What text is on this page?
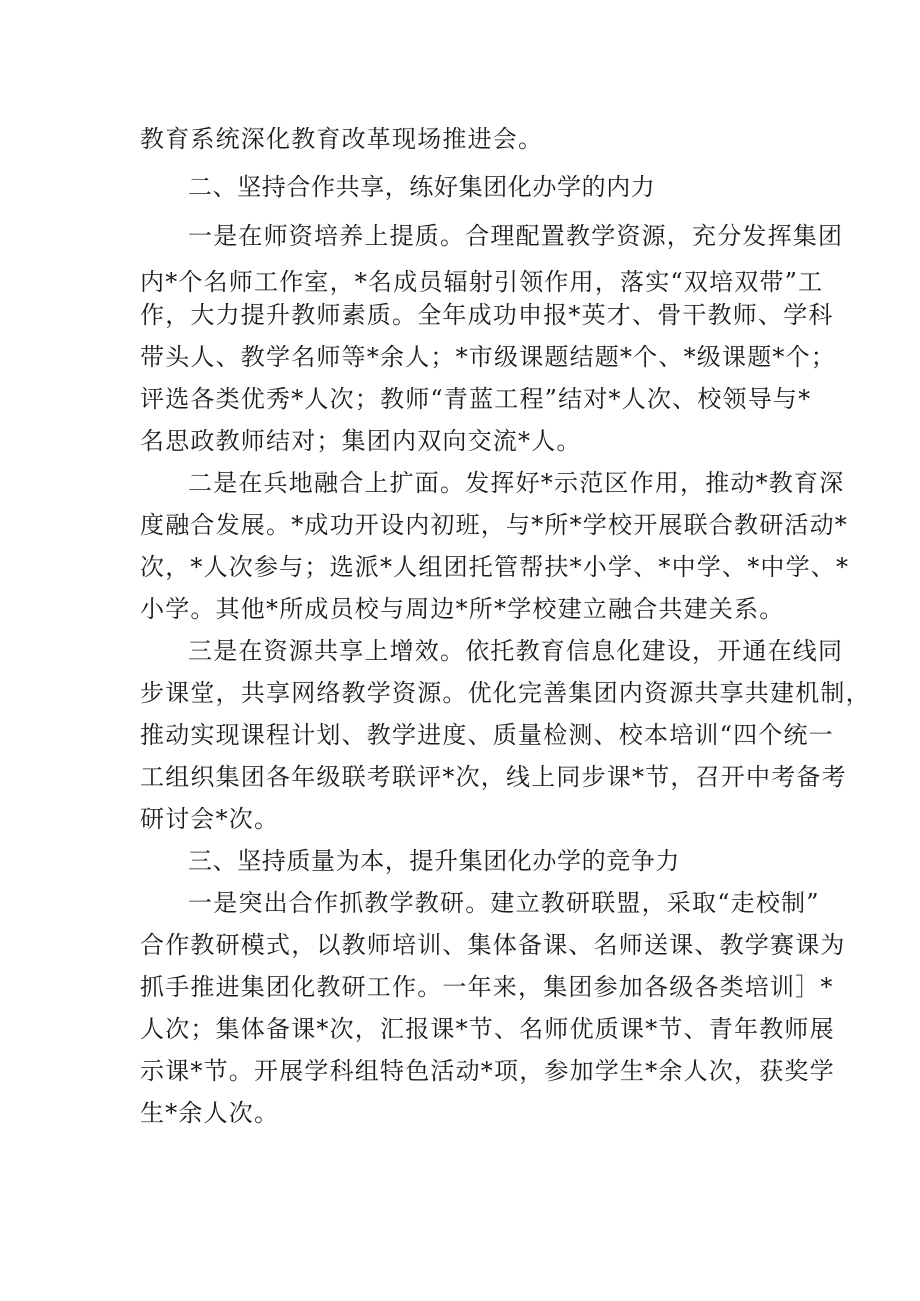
教育系统深化教育改革现场推进会。
二、坚持合作共享，练好集团化办学的内力
一是在师资培养上提质。合理配置教学资源，充分发挥集团
内*个名师工作室，*名成员辐射引领作用，落实“双培双带”工
作，大力提升教师素质。全年成功申报*英才、骨干教师、学科
带头人、教学名师等*余人；*市级课题结题*个、*级课题*个；
评选各类优秀*人次；教师“青蓝工程”结对*人次、校领导与*
名思政教师结对；集团内双向交流*人。
二是在兵地融合上扩面。发挥好*示范区作用，推动*教育深
度融合发展。*成功开设内初班，与*所*学校开展联合教研活动*
次，*人次参与；选派*人组团托管帮扶*小学、*中学、*中学、*
小学。其他*所成员校与周边*所*学校建立融合共建关系。
三是在资源共享上增效。依托教育信息化建设，开通在线同
步课堂，共享网络教学资源。优化完善集团内资源共享共建机制，
推动实现课程计划、教学进度、质量检测、校本培训“四个统一
工组织集团各年级联考联评*次，线上同步课*节，召开中考备考
研讨会*次。
三、坚持质量为本，提升集团化办学的竞争力
一是突出合作抓教学教研。建立教研联盟，采取“走校制”
合作教研模式，以教师培训、集体备课、名师送课、教学赛课为
抓手推进集团化教研工作。一年来，集团参加各级各类培训］*
人次；集体备课*次，汇报课*节、名师优质课*节、青年教师展
示课*节。开展学科组特色活动*项，参加学生*余人次，获奖学
生*余人次。
